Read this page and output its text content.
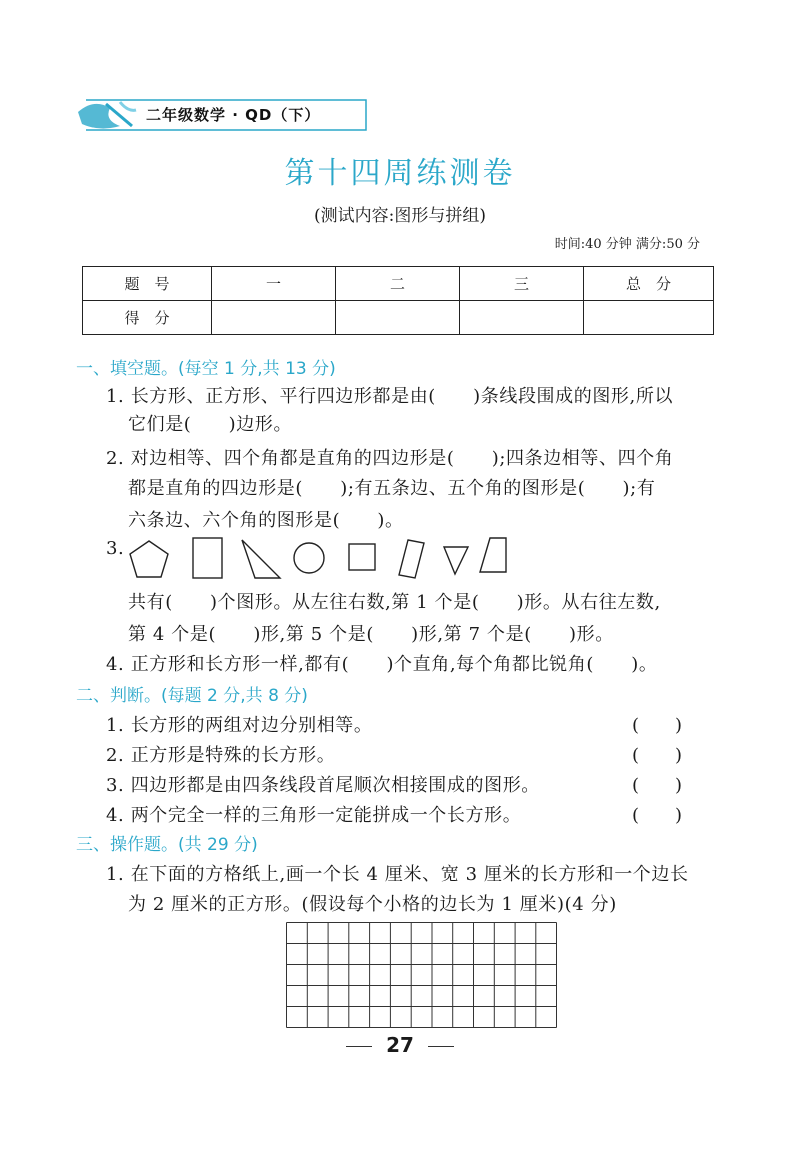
二年级数学 · QD（下）
第十四周练测卷
(测试内容:图形与拼组)
时间:40 分钟 满分:50 分
题　号	一	二	三	总　分
得　分				
一、填空题。(每空 1 分,共 13 分)
1. 长方形、正方形、平行四边形都是由(　　)条线段围成的图形,所以
它们是(　　)边形。
2. 对边相等、四个角都是直角的四边形是(　　);四条边相等、四个角
都是直角的四边形是(　　);有五条边、五个角的图形是(　　);有
六条边、六个角的图形是(　　)。
3.
共有(　　)个图形。从左往右数,第 1 个是(　　)形。从右往左数,
第 4 个是(　　)形,第 5 个是(　　)形,第 7 个是(　　)形。
4. 正方形和长方形一样,都有(　　)个直角,每个角都比锐角(　　)。
二、判断。(每题 2 分,共 8 分)
1. 长方形的两组对边分别相等。	(　　)
2. 正方形是特殊的长方形。	(　　)
3. 四边形都是由四条线段首尾顺次相接围成的图形。	(　　)
4. 两个完全一样的三角形一定能拼成一个长方形。	(　　)
三、操作题。(共 29 分)
1. 在下面的方格纸上,画一个长 4 厘米、宽 3 厘米的长方形和一个边长
为 2 厘米的正方形。(假设每个小格的边长为 1 厘米)(4 分)
27
